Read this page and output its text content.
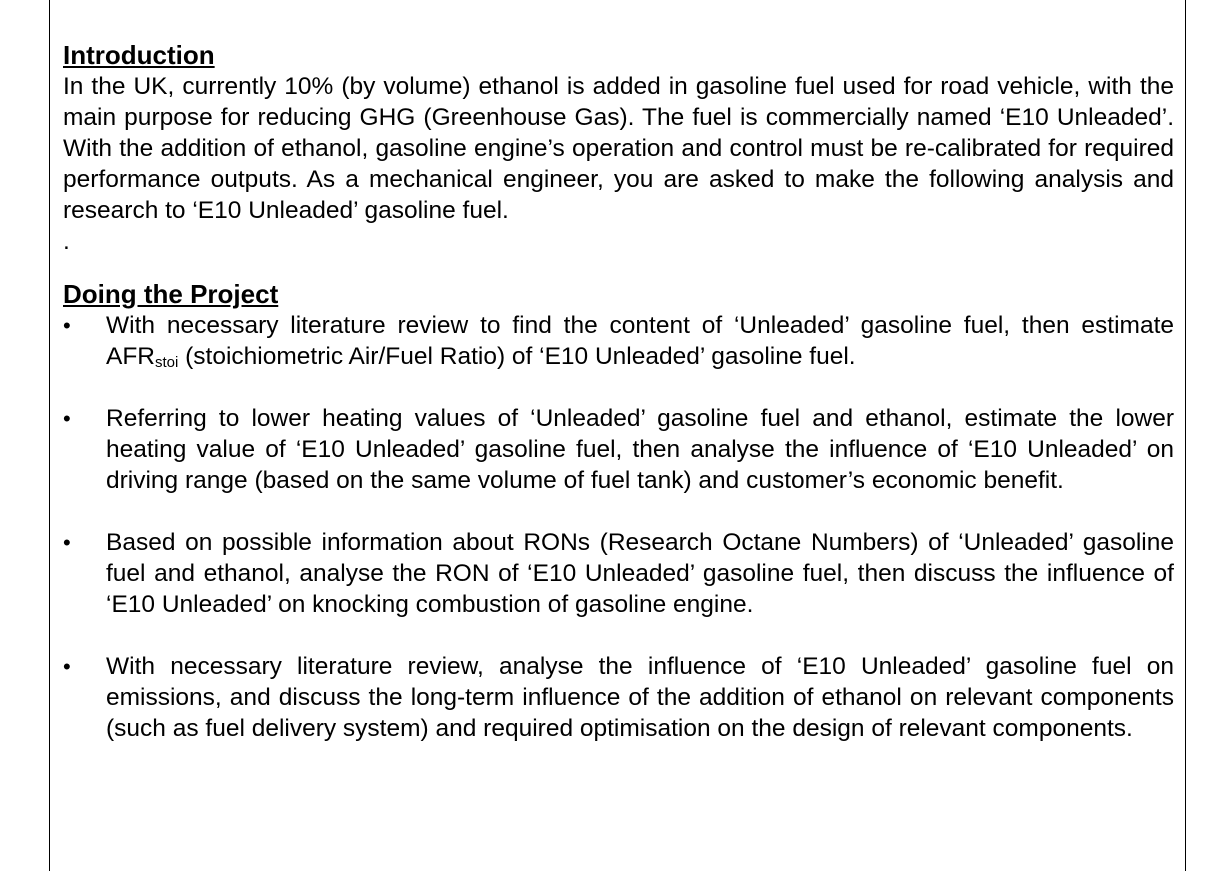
Introduction

In the UK, currently 10% (by volume) ethanol is added in gasoline fuel used for road vehicle, with the main purpose for reducing GHG (Greenhouse Gas). The fuel is commercially named ‘E10 Unleaded’. With the addition of ethanol, gasoline engine’s operation and control must be re-calibrated for required performance outputs. As a mechanical engineer, you are asked to make the following analysis and research to ‘E10 Unleaded’ gasoline fuel.

.

Doing the Project

•	With necessary literature review to find the content of ‘Unleaded’ gasoline fuel, then estimate $AFR_{stoi}$ (stoichiometric Air/Fuel Ratio) of ‘E10 Unleaded’ gasoline fuel.
•	Referring to lower heating values of ‘Unleaded’ gasoline fuel and ethanol, estimate the lower heating value of ‘E10 Unleaded’ gasoline fuel, then analyse the influence of ‘E10 Unleaded’ on driving range (based on the same volume of fuel tank) and customer’s economic benefit.
•	Based on possible information about RONs (Research Octane Numbers) of ‘Unleaded’ gasoline fuel and ethanol, analyse the RON of ‘E10 Unleaded’ gasoline fuel, then discuss the influence of ‘E10 Unleaded’ on knocking combustion of gasoline engine.
•	With necessary literature review, analyse the influence of ‘E10 Unleaded’ gasoline fuel on emissions, and discuss the long-term influence of the addition of ethanol on relevant components (such as fuel delivery system) and required optimisation on the design of relevant components.
